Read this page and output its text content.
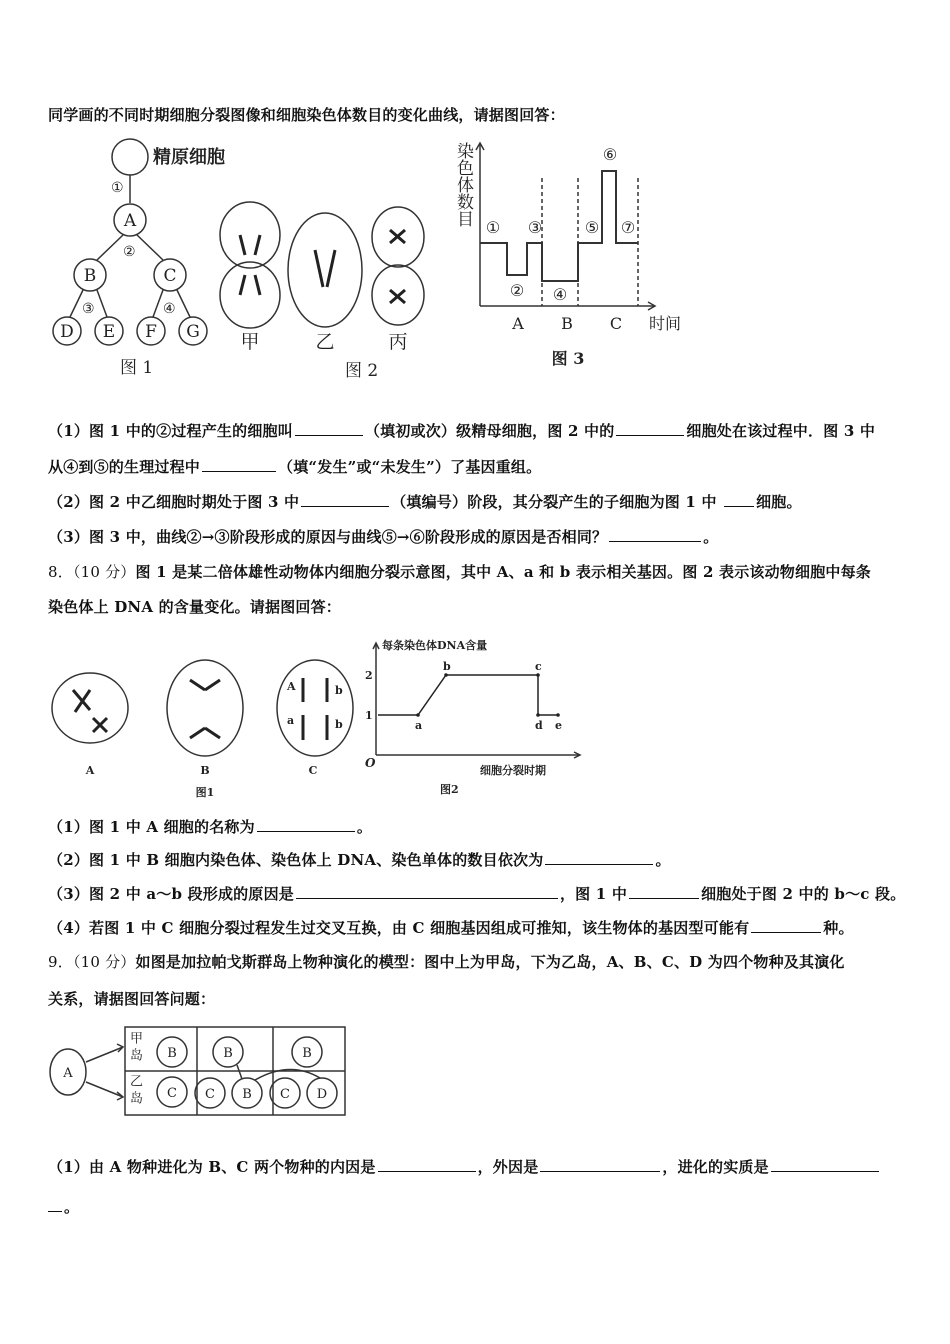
同学画的不同时期细胞分裂图像和细胞染色体数目的变化曲线，请据图回答：
精原细胞
①
②
③	④
A
B	C
D E F G
图 1
甲	乙	丙
图 2
染色体数目
①
②
③
④
⑤
⑥
⑦
A B C 时间
图 3
（1）图 1 中的②过程产生的细胞叫	（填初或次）级精母细胞，图 2 中的	细胞处在该过程中．图 3 中
从④到⑤的生理过程中	（填“发生”或“未发生”）了基因重组。
（2）图 2 中乙细胞时期处于图 3 中	（填编号）阶段，其分裂产生的子细胞为图 1 中 细胞。
（3）图 3 中，曲线②→③阶段形成的原因与曲线⑤→⑥阶段形成的原因是否相同？	。
8．（10 分）图 1 是某二倍体雄性动物体内细胞分裂示意图，其中 A、a 和 b 表示相关基因。图 2 表示该动物细胞中每条
染色体上 DNA 的含量变化。请据图回答：
A
a
b
b
A	B	C
图1
a
b	c
d e
每条染色体DNA含量
细胞分裂时期
O
1
2
图2
（1）图 1 中 A 细胞的名称为	。
（2）图 1 中 B 细胞内染色体、染色体上 DNA、染色单体的数目依次为	。
（3）图 2 中 a～b 段形成的原因是	，图 1 中	细胞处于图 2 中的 b～c 段。
（4）若图 1 中 C 细胞分裂过程发生过交叉互换，由 C 细胞基因组成可推知，该生物体的基因型可能有	种。
9．（10 分）如图是加拉帕戈斯群岛上物种演化的模型：图中上为甲岛，下为乙岛，A、B、C、D 为四个物种及其演化
关系，请据图回答问题：
A
B	B	B
C C B C D
甲岛
乙岛
（1）由 A 物种进化为 B、C 两个物种的内因是	，外因是	，进化的实质是
。
